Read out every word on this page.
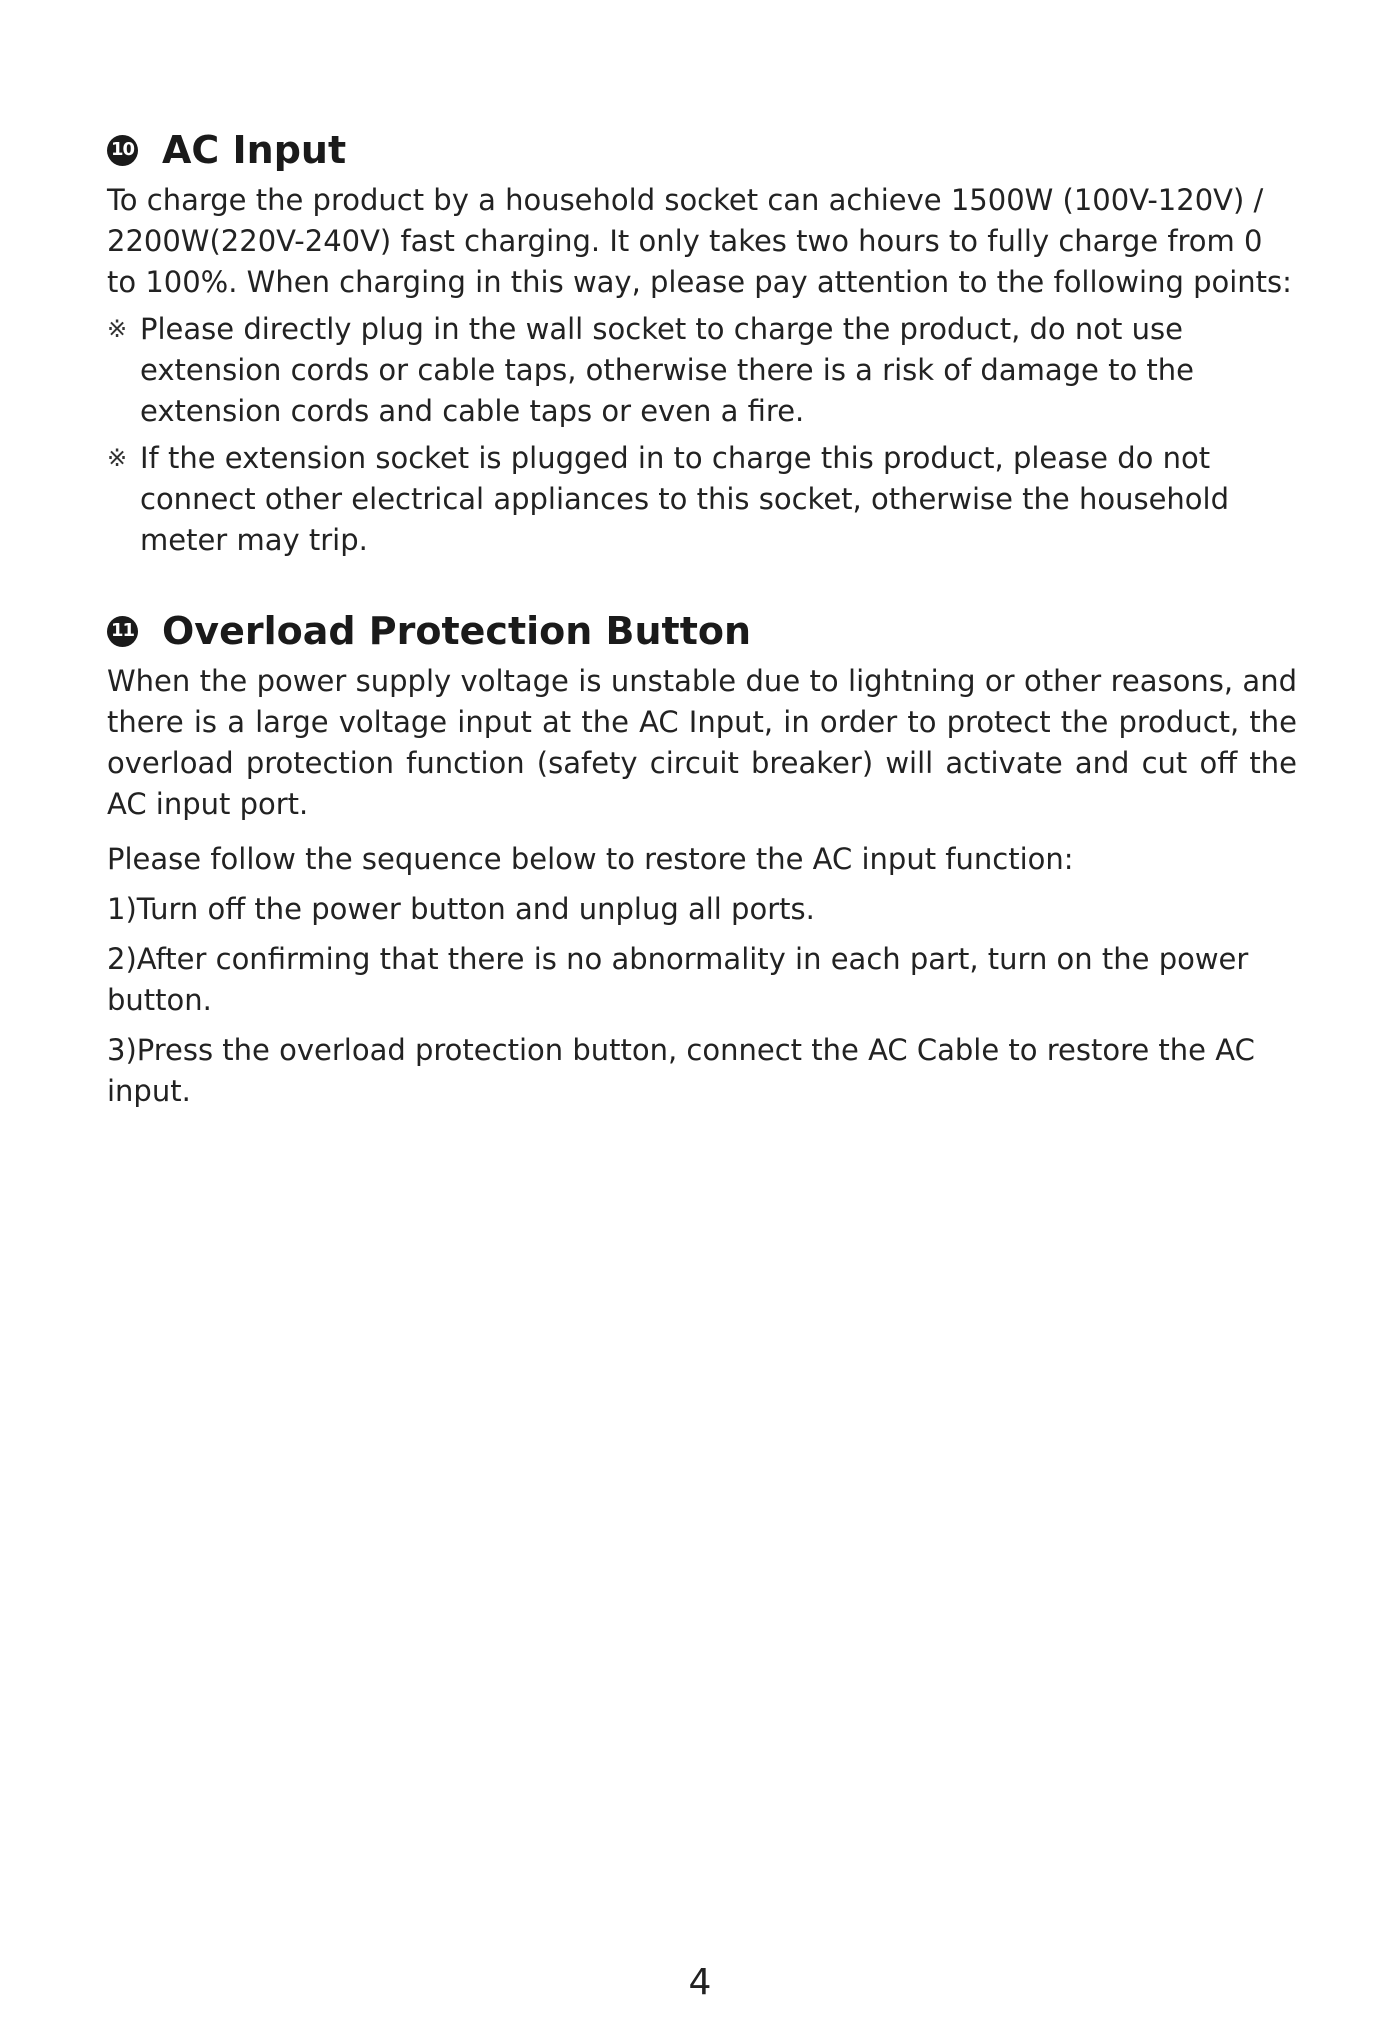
10 AC Input

To charge the product by a household socket can achieve 1500W (100V-120V) / 2200W(220V-240V) fast charging. It only takes two hours to fully charge from 0 to 100%. When charging in this way, please pay attention to the following points:

※ Please directly plug in the wall socket to charge the product, do not use extension cords or cable taps, otherwise there is a risk of damage to the extension cords and cable taps or even a fire.
※ If the extension socket is plugged in to charge this product, please do not connect other electrical appliances to this socket, otherwise the household meter may trip.
11 Overload Protection Button

When the power supply voltage is unstable due to lightning or other reasons, and there is a large voltage input at the AC Input, in order to protect the product, the overload protection function (safety circuit breaker) will activate and cut off the AC input port.

Please follow the sequence below to restore the AC input function:

1)Turn off the power button and unplug all ports.

2)After confirming that there is no abnormality in each part, turn on the power button.

3)Press the overload protection button, connect the AC Cable to restore the AC input.

4
